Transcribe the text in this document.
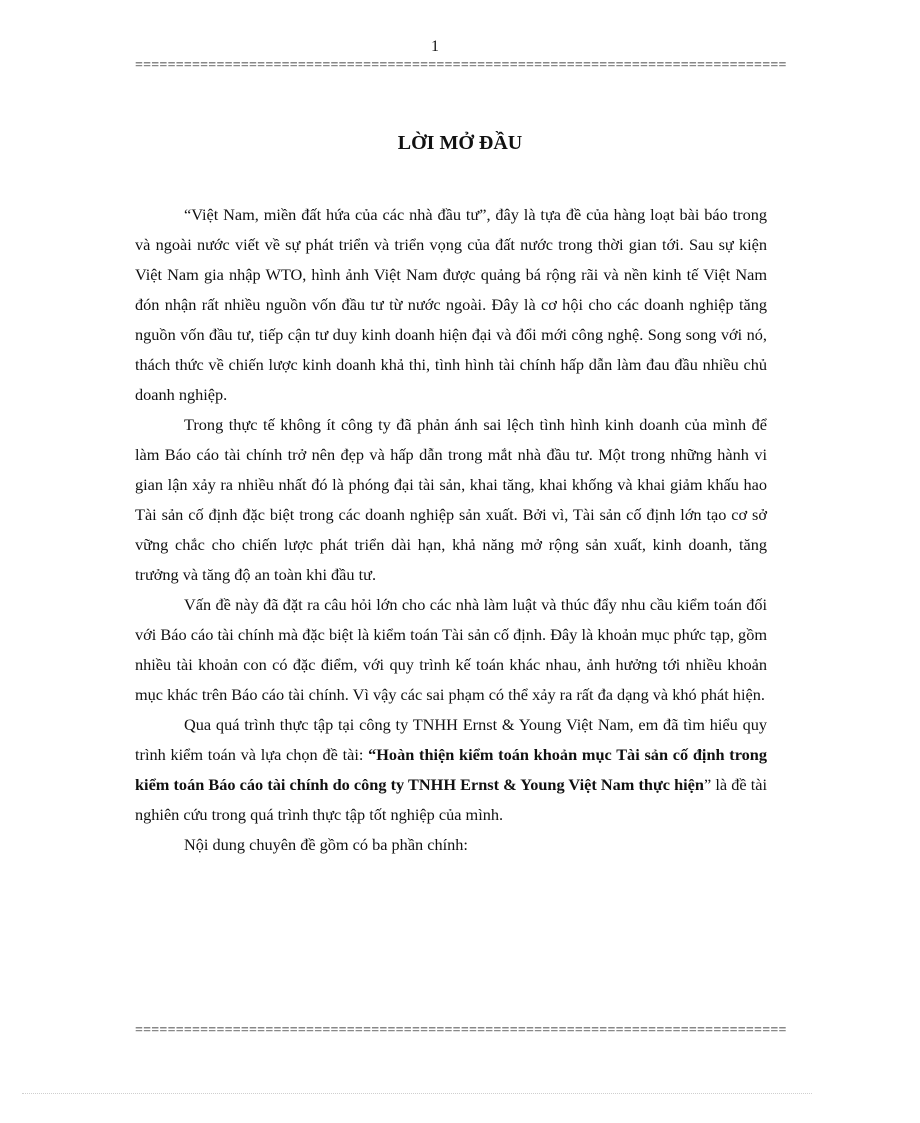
1
================================================================================
LỜI MỞ ĐẦU

“Việt Nam, miền đất hứa của các nhà đầu tư”, đây là tựa đề của hàng loạt bài báo trong và ngoài nước viết về sự phát triển và triển vọng của đất nước trong thời gian tới. Sau sự kiện Việt Nam gia nhập WTO, hình ảnh Việt Nam được quảng bá rộng rãi và nền kinh tế Việt Nam đón nhận rất nhiều nguồn vốn đầu tư từ nước ngoài. Đây là cơ hội cho các doanh nghiệp tăng nguồn vốn đầu tư, tiếp cận tư duy kinh doanh hiện đại và đổi mới công nghệ. Song song với nó, thách thức về chiến lược kinh doanh khả thi, tình hình tài chính hấp dẫn làm đau đầu nhiều chủ doanh nghiệp.

Trong thực tế không ít công ty đã phản ánh sai lệch tình hình kinh doanh của mình để làm Báo cáo tài chính trở nên đẹp và hấp dẫn trong mắt nhà đầu tư. Một trong những hành vi gian lận xảy ra nhiều nhất đó là phóng đại tài sản, khai tăng, khai khống và khai giảm khấu hao Tài sản cố định đặc biệt trong các doanh nghiệp sản xuất. Bởi vì, Tài sản cố định lớn tạo cơ sở vững chắc cho chiến lược phát triển dài hạn, khả năng mở rộng sản xuất, kinh doanh, tăng trưởng và tăng độ an toàn khi đầu tư.

Vấn đề này đã đặt ra câu hỏi lớn cho các nhà làm luật và thúc đẩy nhu cầu kiểm toán đối với Báo cáo tài chính mà đặc biệt là kiểm toán Tài sản cố định. Đây là khoản mục phức tạp, gồm nhiều tài khoản con có đặc điểm, với quy trình kế toán khác nhau, ảnh hưởng tới nhiều khoản mục khác trên Báo cáo tài chính. Vì vậy các sai phạm có thể xảy ra rất đa dạng và khó phát hiện.

Qua quá trình thực tập tại công ty TNHH Ernst & Young Việt Nam, em đã tìm hiểu quy trình kiểm toán và lựa chọn đề tài: “Hoàn thiện kiểm toán khoản mục Tài sản cố định trong kiểm toán Báo cáo tài chính do công ty TNHH Ernst & Young Việt Nam thực hiện” là đề tài nghiên cứu trong quá trình thực tập tốt nghiệp của mình.

Nội dung chuyên đề gồm có ba phần chính:

================================================================================
